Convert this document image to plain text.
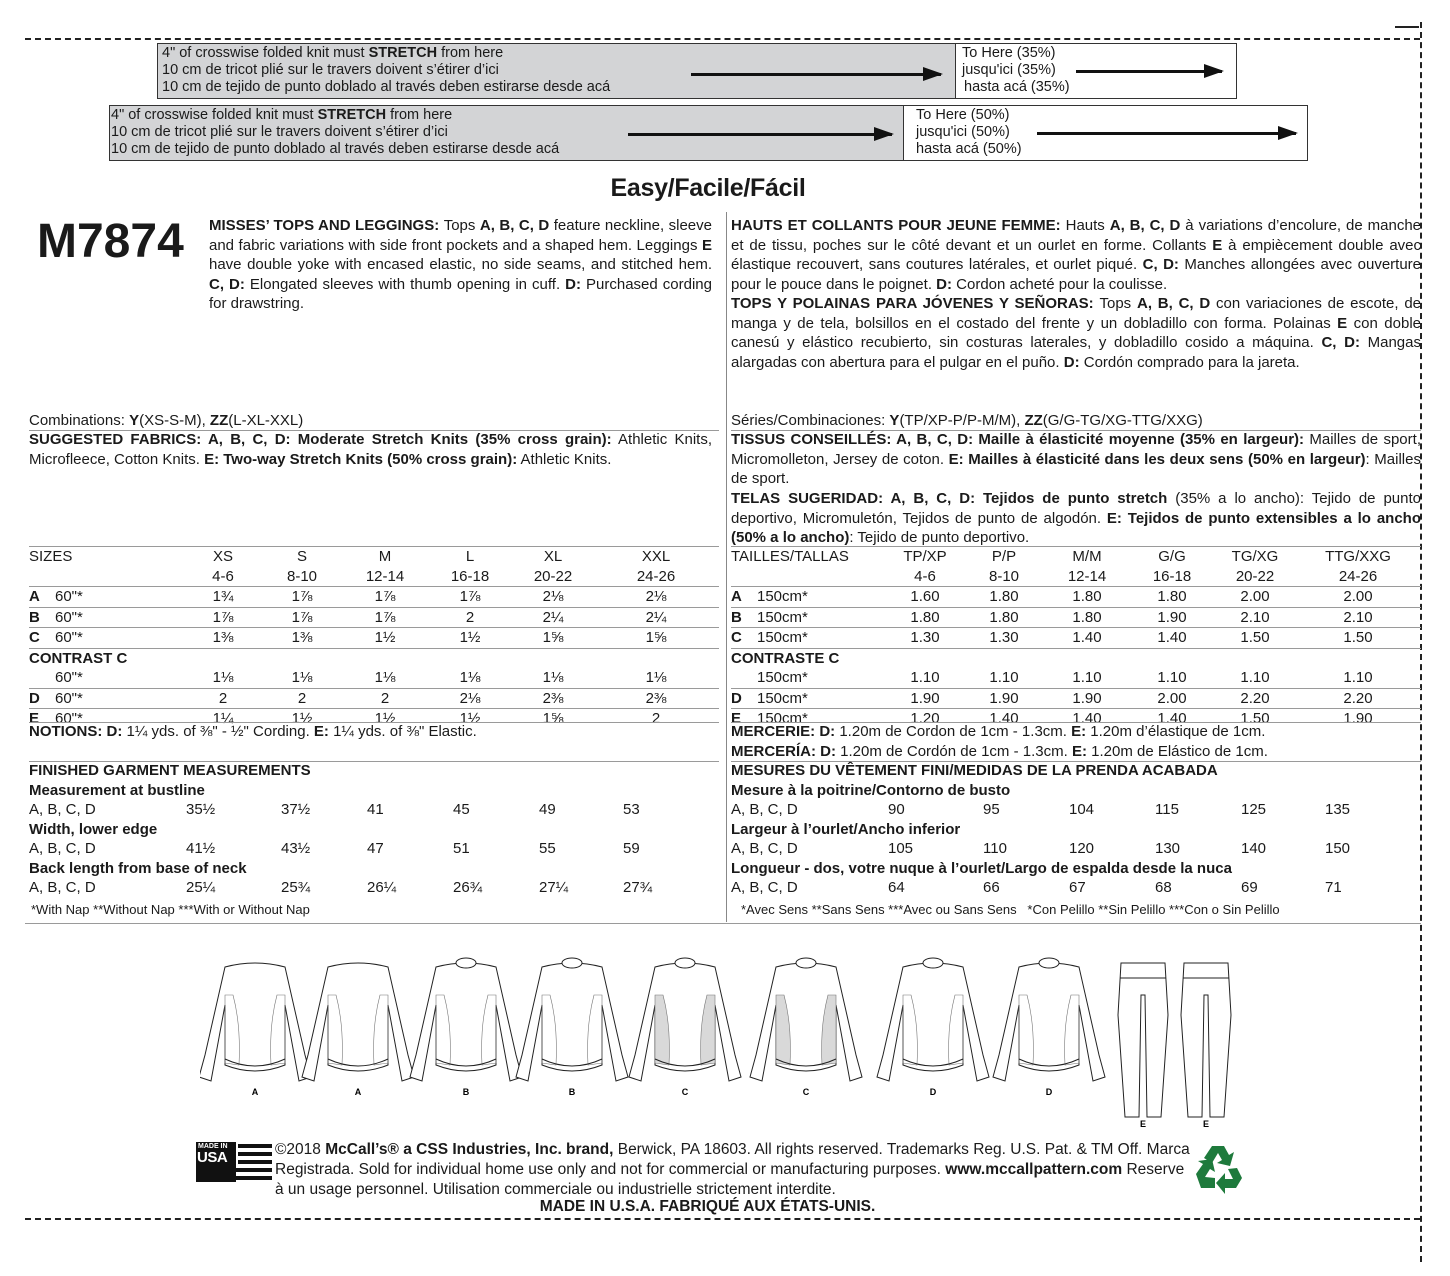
4" of crosswise folded knit must STRETCH from here
10 cm de tricot plié sur le travers doivent s’étirer d’ici
10 cm de tejido de punto doblado al través deben estirarse desde acá
To Here (35%)
jusqu'ici (35%)
hasta acá (35%)
4" of crosswise folded knit must STRETCH from here
10 cm de tricot plié sur le travers doivent s’étirer d’ici
10 cm de tejido de punto doblado al través deben estirarse desde acá
To Here (50%)
jusqu'ici (50%)
hasta acá (50%)
Easy/Facile/Fácil
M7874 MISSES’ TOPS AND LEGGINGS: Tops A, B, C, D feature neckline, sleeve and fabric variations with side front pockets and a shaped hem. Leggings E have double yoke with encased elastic, no side seams, and stitched hem. C, D: Elongated sleeves with thumb opening in cuff. D: Purchased cording for drawstring.
HAUTS ET COLLANTS POUR JEUNE FEMME: Hauts A, B, C, D à variations d’encolure, de manche et de tissu, poches sur le côté devant et un ourlet en forme. Collants E à empiècement double avec élastique recouvert, sans coutures latérales, et ourlet piqué. C, D: Manches allongées avec ouverture pour le pouce dans le poignet. D: Cordon acheté pour la coulisse.
TOPS Y POLAINAS PARA JÓVENES Y SEÑORAS: Tops A, B, C, D con variaciones de escote, de manga y de tela, bolsillos en el costado del frente y un dobladillo con forma. Polainas E con doble canesú y elástico recubierto, sin costuras laterales, y dobladillo cosido a máquina. C, D: Mangas alargadas con abertura para el pulgar en el puño. D: Cordón comprado para la jareta.
Combinations: Y(XS-S-M), ZZ(L-XL-XXL)
SUGGESTED FABRICS: A, B, C, D: Moderate Stretch Knits (35% cross grain): Athletic Knits, Microfleece, Cotton Knits. E: Two-way Stretch Knits (50% cross grain): Athletic Knits.
Séries/Combinaciones: Y(TP/XP-P/P-M/M), ZZ(G/G-TG/XG-TTG/XXG)
TISSUS CONSEILLÉS: A, B, C, D: Maille à élasticité moyenne (35% en largeur): Mailles de sport, Micromolleton, Jersey de coton. E: Mailles à élasticité dans les deux sens (50% en largeur): Mailles de sport.
TELAS SUGERIDAD: A, B, C, D: Tejidos de punto stretch (35% a lo ancho): Tejido de punto deportivo, Micromuletón, Tejidos de punto de algodón. E: Tejidos de punto extensibles a lo ancho (50% a lo ancho): Tejido de punto deportivo.
SIZES		XS	S	M	L	XL	XXL	
		4-6	8-10	12-14	16-18	20-22	24-26	
A	60"*	1¾	1⅞	1⅞	1⅞	2⅛	2⅛	
B	60"*	1⅞	1⅞	1⅞	2	2¼	2¼	
C	60"*	1⅜	1⅜	1½	1½	1⅝	1⅝	
CONTRAST C								
	60"*	1⅛	1⅛	1⅛	1⅛	1⅛	1⅛	
D	60"*	2	2	2	2⅛	2⅜	2⅜	
E	60"*	1¼	1½	1½	1½	1⅝	2	
TAILLES/TALLAS		TP/XP	P/P	M/M	G/G	TG/XG	TTG/XXG	
		4-6	8-10	12-14	16-18	20-22	24-26	
A	150cm*	1.60	1.80	1.80	1.80	2.00	2.00	
B	150cm*	1.80	1.80	1.80	1.90	2.10	2.10	
C	150cm*	1.30	1.30	1.40	1.40	1.50	1.50	
CONTRASTE C								
	150cm*	1.10	1.10	1.10	1.10	1.10	1.10	
D	150cm*	1.90	1.90	1.90	2.00	2.20	2.20	
E	150cm*	1.20	1.40	1.40	1.40	1.50	1.90	
NOTIONS: D: 1¼ yds. of ⅜" - ½" Cording. E: 1¼ yds. of ⅜" Elastic.	MERCERIE: D: 1.20m de Cordon de 1cm - 1.3cm. E: 1.20m d’élastique de 1cm.
MERCERÍA: D: 1.20m de Cordón de 1cm - 1.3cm. E: 1.20m de Elástico de 1cm.
FINISHED GARMENT MEASUREMENTS
Measurement at bustline
A, B, C, D	35½	37½	41	45	49	53
Width, lower edge
A, B, C, D	41½	43½	47	51	55	59
Back length from base of neck
A, B, C, D	25¼	25¾	26¼	26¾	27¼	27¾
*With Nap **Without Nap ***With or Without Nap
MESURES DU VÊTEMENT FINI/MEDIDAS DE LA PRENDA ACABADA
Mesure à la poitrine/Contorno de busto
A, B, C, D	90	95	104	115	125	135
Largeur à l’ourlet/Ancho inferior
A, B, C, D	105	110	120	130	140	150
Longueur - dos, votre nuque à l’ourlet/Largo de espalda desde la nuca
A, B, C, D	64	66	67	68	69	71
*Avec Sens **Sans Sens ***Avec ou Sans Sens   *Con Pelillo **Sin Pelillo ***Con o Sin Pelillo
A	A	B	B	C	C	D	D
E	E
MADE IN
USA	©2018 McCall’s® a CSS Industries, Inc. brand, Berwick, PA 18603. All rights reserved. Trademarks Reg. U.S. Pat. & TM Off. Marca Registrada. Sold for individual home use only and not for commercial or manufacturing purposes. www.mccallpattern.com Reserve à un usage personnel. Utilisation commerciale ou industrielle strictement interdite.
MADE IN U.S.A. FABRIQUÉ AUX ÉTATS-UNIS.
